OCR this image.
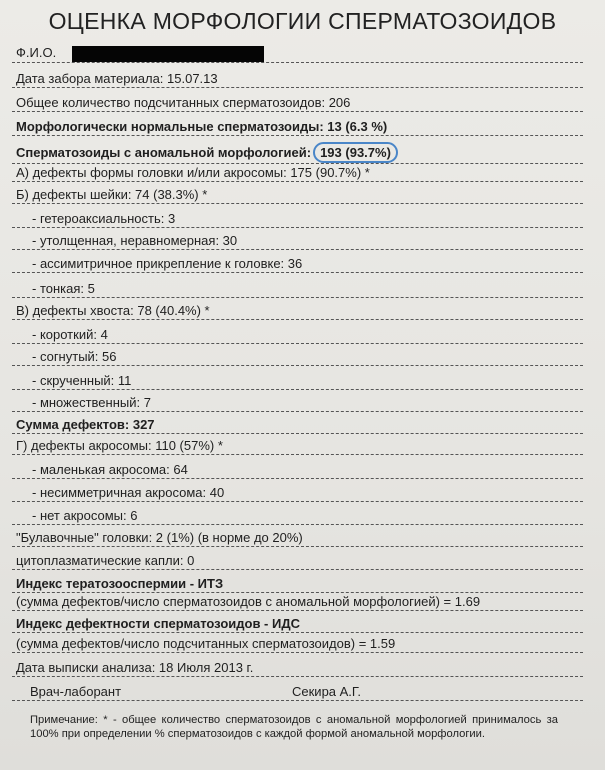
ОЦЕНКА МОРФОЛОГИИ СПЕРМАТОЗОИДОВ
Ф.И.О.
Дата забора материала: 15.07.13
Общее количество подсчитанных сперматозоидов: 206
Морфологически нормальные сперматозоиды: 13 (6.3 %)
Сперматозоиды с аномальной морфологией: 193 (93.7%)
А) дефекты формы головки и/или акросомы: 175 (90.7%) *
Б) дефекты шейки: 74 (38.3%) *
- гетероаксиальность: 3
- утолщенная, неравномерная: 30
- ассимитричное прикрепление к головке: 36
- тонкая: 5
В) дефекты хвоста: 78 (40.4%) *
- короткий: 4
- согнутый: 56
- скрученный: 11
- множественный: 7
Сумма дефектов: 327
Г) дефекты акросомы: 110 (57%) *
- маленькая акросома: 64
- несимметричная акросома: 40
- нет акросомы: 6
"Булавочные" головки: 2 (1%) (в норме до 20%)
цитоплазматические капли: 0
Индекс тератозооспермии - ИТЗ
(сумма дефектов/число сперматозоидов с аномальной морфологией) = 1.69
Индекс дефектности сперматозоидов - ИДС
(сумма дефектов/число подсчитанных сперматозоидов) = 1.59
Дата выписки анализа: 18 Июля 2013 г.
Врач-лаборант	Секира А.Г.
Примечание: * - общее количество сперматозоидов с аномальной морфологией принималось за 100% при определении % сперматозоидов с каждой формой аномальной морфологии.
